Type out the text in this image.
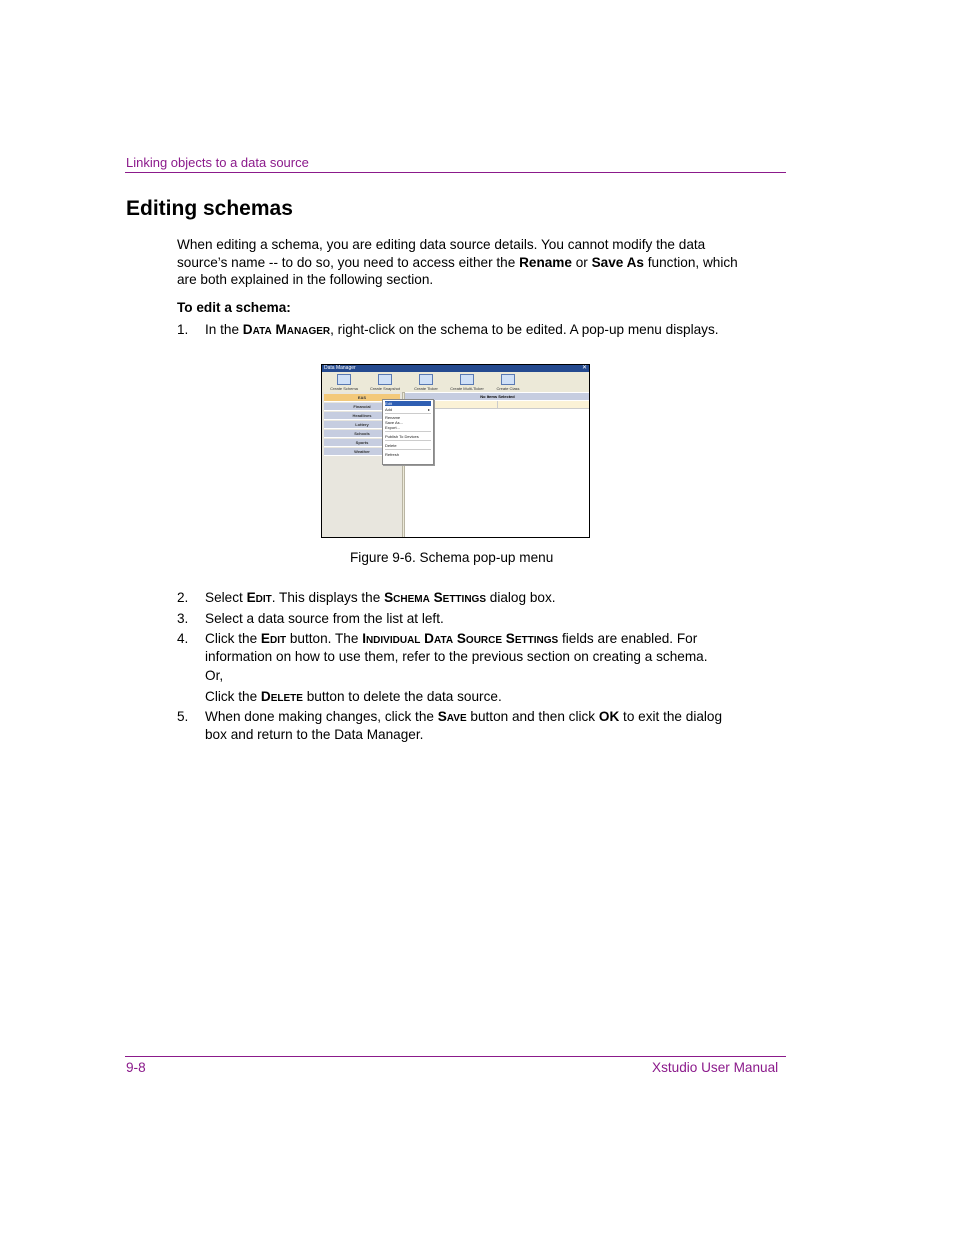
Linking objects to a data source
Editing schemas
When editing a schema, you are editing data source details. You cannot modify the data source’s name -- to do so, you need to access either the Rename or Save As function, which are both explained in the following section.
To edit a schema:
1. In the Data Manager, right-click on the schema to be edited. A pop-up menu displays.
Data Manager	✕
Create Schema	Create Snapshot	Create Ticker	Create Multi-Ticker	Create Class
EAS
Financial
Headlines
Lottery
Schools
Sports
Weather
No Items Selected
Edit
Add	▸
Rename
Save As...
Export...
Publish To Devices
Delete
Refresh
Figure 9-6. Schema pop-up menu
2. Select Edit. This displays the Schema Settings dialog box.
3. Select a data source from the list at left.
4. Click the Edit button. The Individual Data Source Settings fields are enabled. For information on how to use them, refer to the previous section on creating a schema.
Or,
Click the Delete button to delete the data source.
5. When done making changes, click the Save button and then click OK to exit the dialog box and return to the Data Manager.
9-8	Xstudio User Manual
